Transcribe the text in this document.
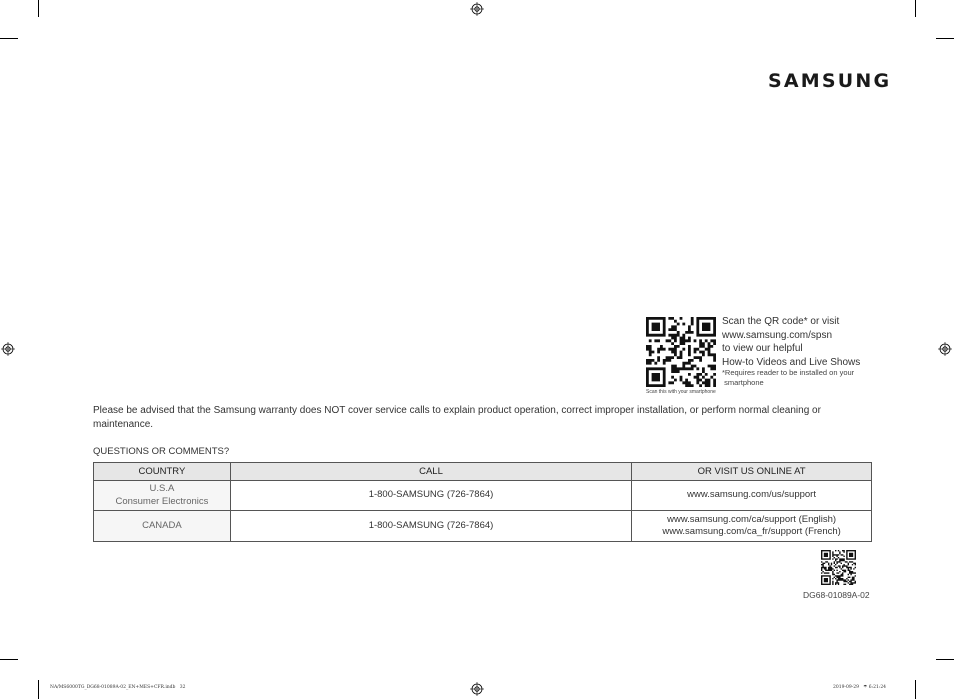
SAMSUNG
Scan this with your smartphone
Scan the QR code* or visit
www.samsung.com/spsn
to view our helpful
How-to Videos and Live Shows
*Requires reader to be installed on your
smartphone
Please be advised that the Samsung warranty does NOT cover service calls to explain product operation, correct improper installation, or perform normal cleaning or maintenance.
QUESTIONS OR COMMENTS?
COUNTRY	CALL	OR VISIT US ONLINE AT

U.S.A
Consumer Electronics	1-800-SAMSUNG (726-7864)	www.samsung.com/us/support

CANADA	1-800-SAMSUNG (726-7864)	www.samsung.com/ca/support (English)
www.samsung.com/ca_fr/support (French)
DG68-01089A-02
NA/MS6000TG_DG68-01089A-02_EN+MES+CFR.indb   32	2019-09-29   ☂ 6:21:24
